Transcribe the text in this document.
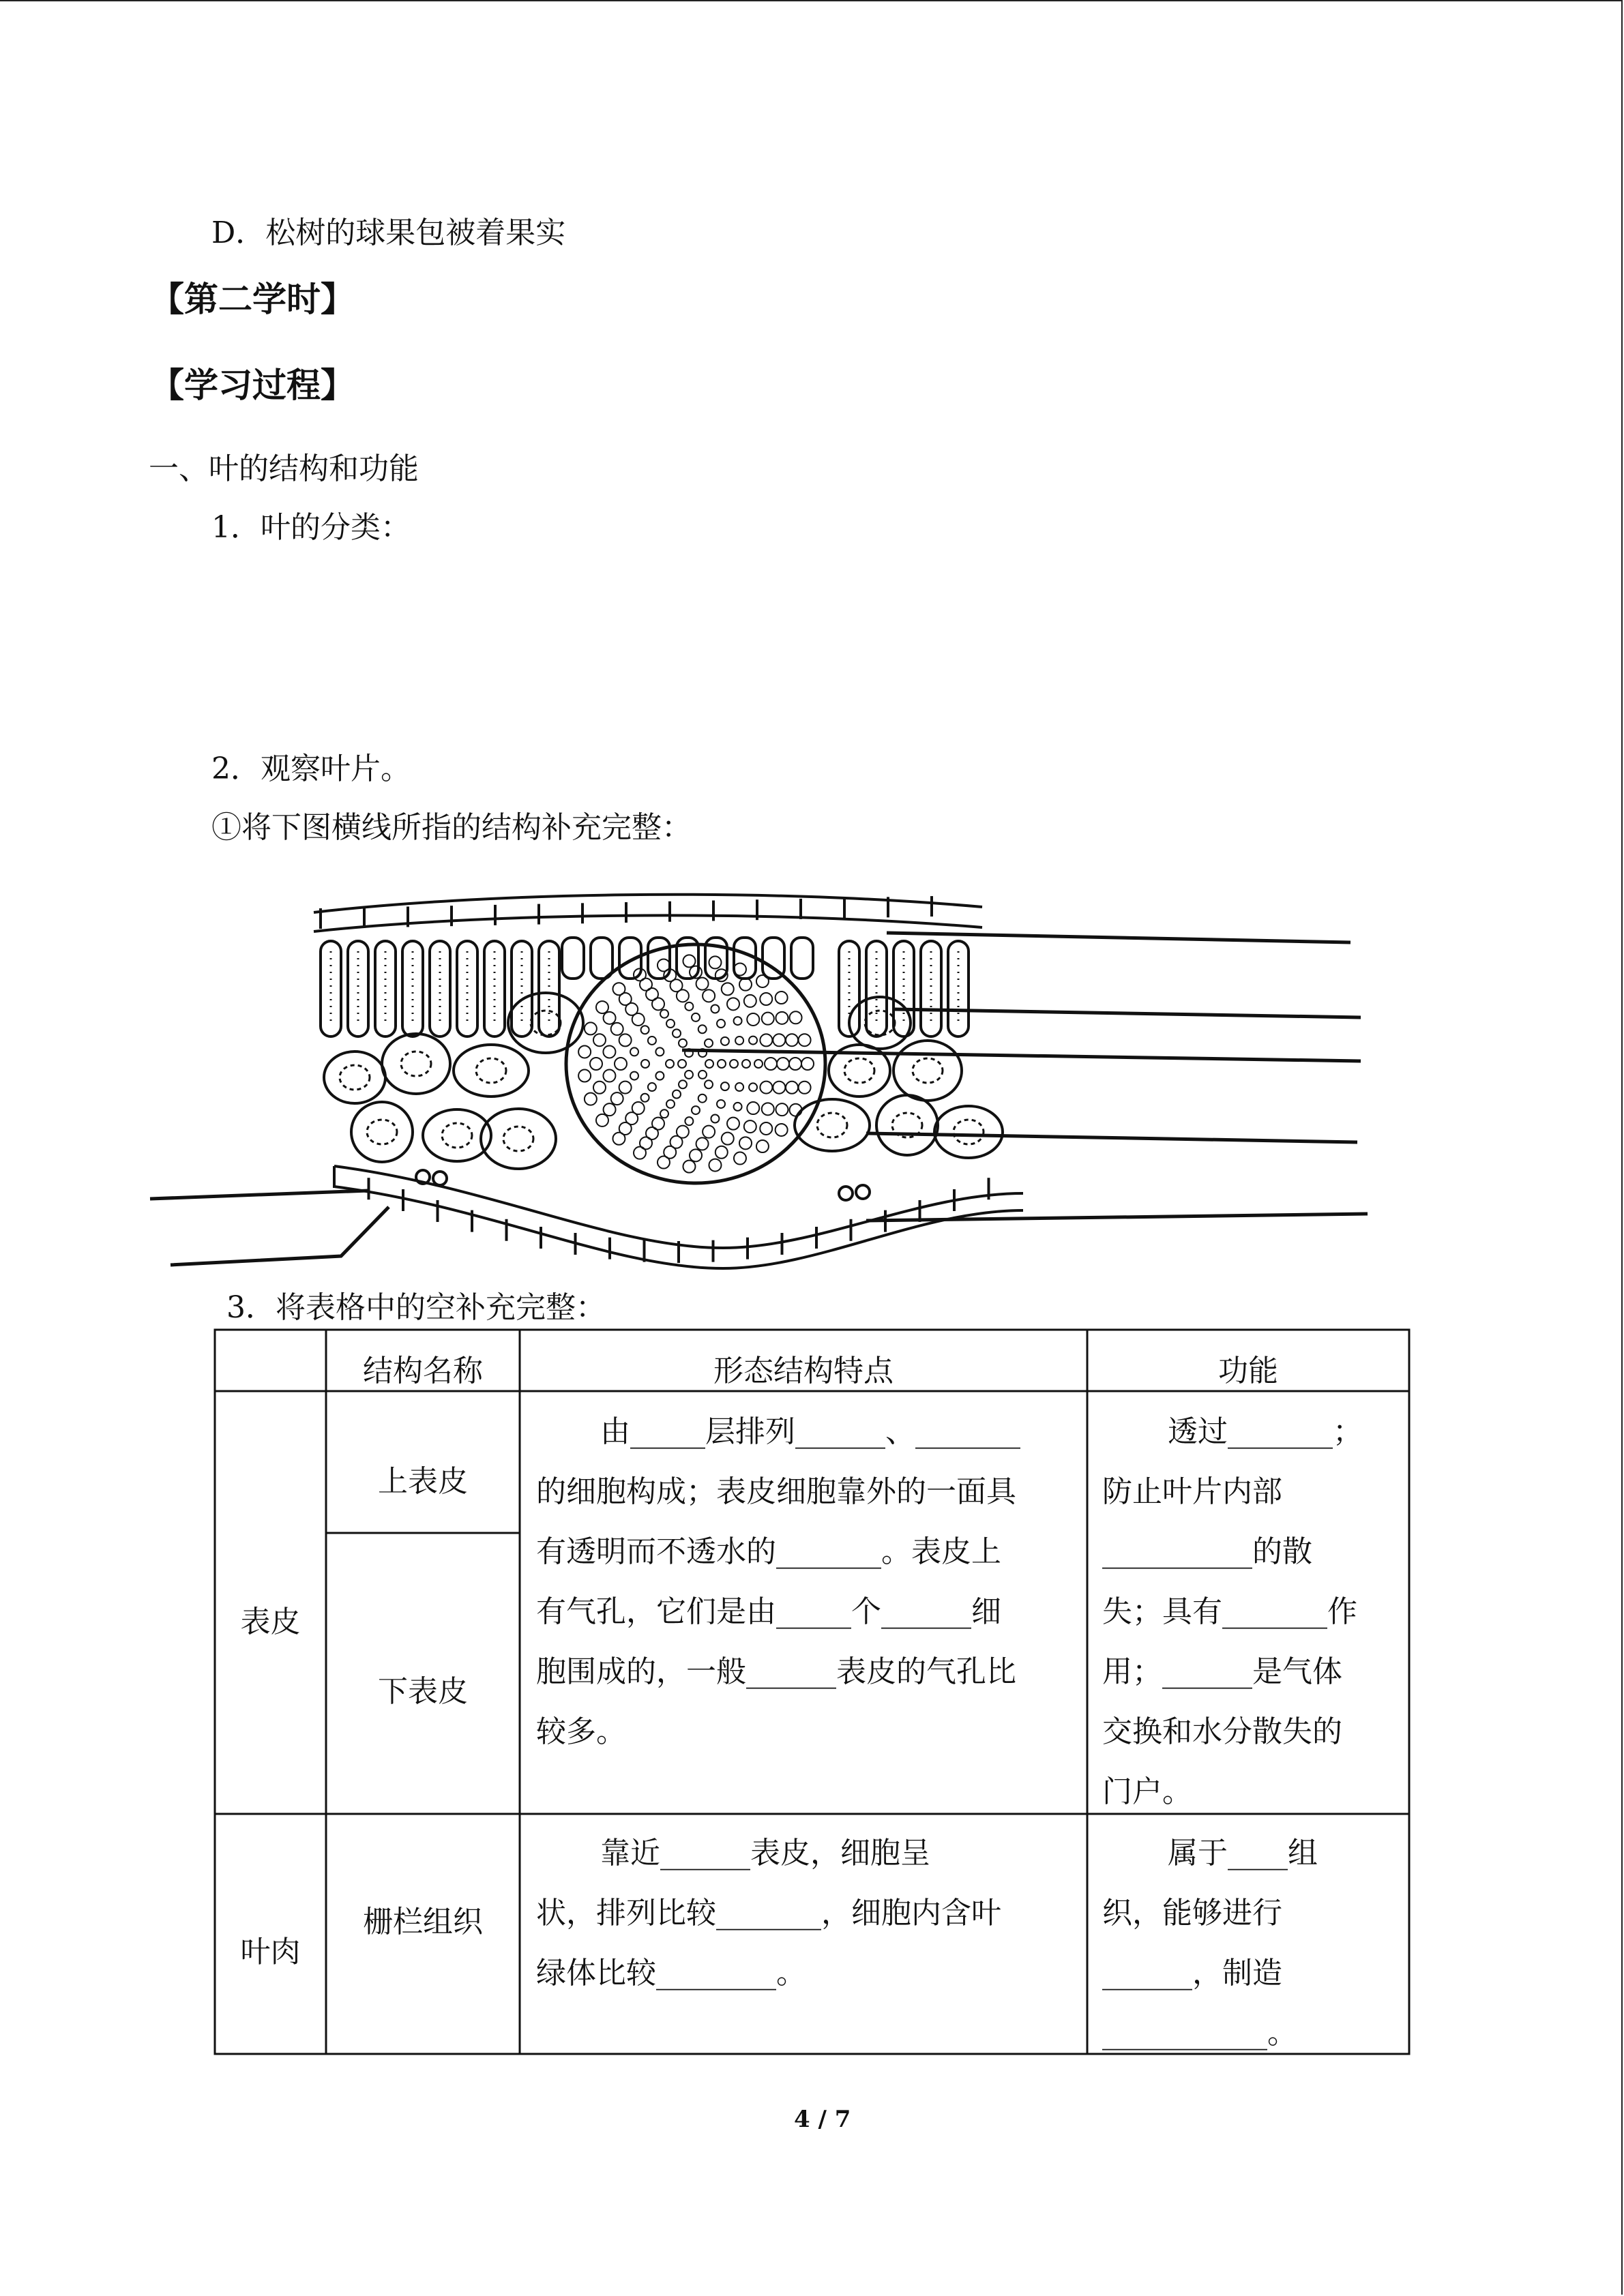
D．松树的球果包被着果实
【第二学时】
【学习过程】
一、叶的结构和功能
1．叶的分类：
2．观察叶片。
①将下图横线所指的结构补充完整：
3．将表格中的空补充完整：
结构名称	形态结构特点	功能
表皮
上表皮
下表皮
由_____层排列______、_______
的细胞构成；表皮细胞靠外的一面具
有透明而不透水的_______。表皮上
有气孔，它们是由_____个______细
胞围成的，一般______表皮的气孔比
较多。
透过_______；
防止叶片内部
__________的散
失；具有_______作
用；______是气体
交换和水分散失的
门户。
叶肉
栅栏组织
靠近______表皮，细胞呈
状，排列比较_______，细胞内含叶
绿体比较________。
属于____组
织，能够进行
______，制造
___________。
4 / 7
